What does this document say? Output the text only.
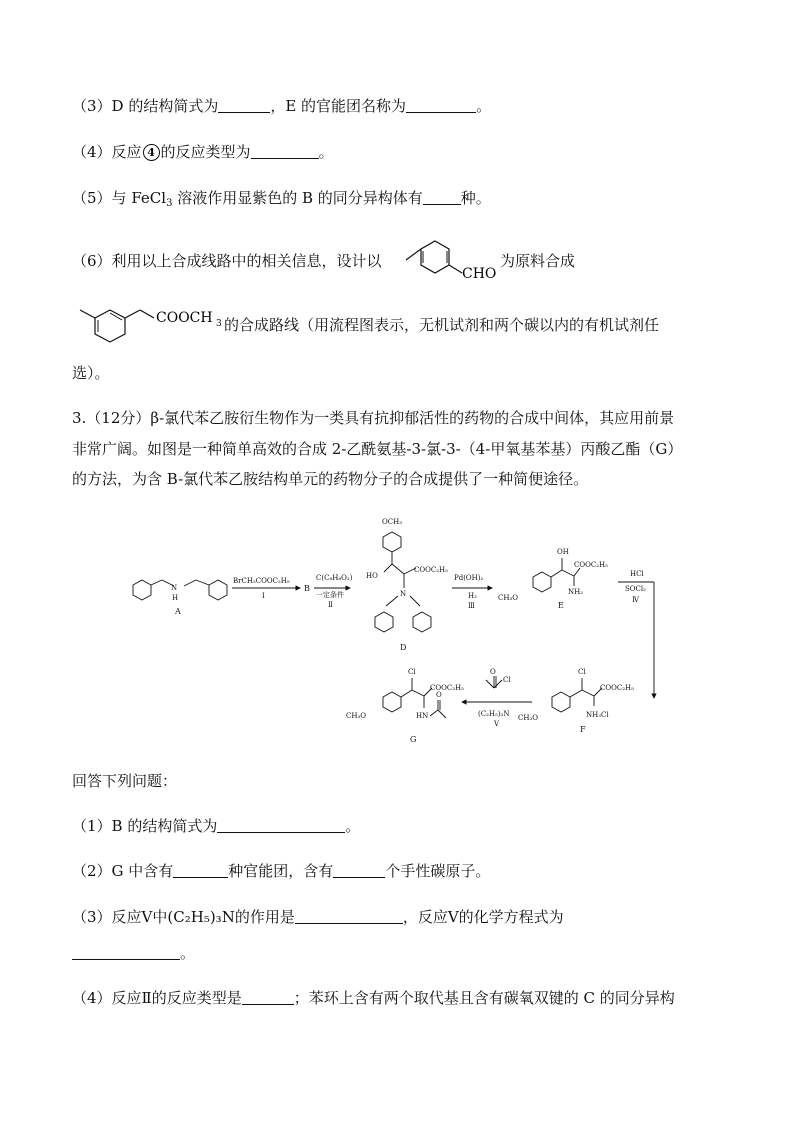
（3）D 的结构简式为	，E 的官能团名称为	。
（4）反应 4 的反应类型为	。
（5）与 FeCl$_3$ 溶液作用显紫色的 B 的同分异构体有	种。
（6）利用以上合成线路中的相关信息，设计以
CHO
为原料合成
COOCH 3 的合成路线（用流程图表示，无机试剂和两个碳以内的有机试剂任
选）。
3.（12分）β-氯代苯乙胺衍生物作为一类具有抗抑郁活性的药物的合成中间体，其应用前景
非常广阔。如图是一种简单高效的合成 2-乙酰氨基-3-氯-3-（4-甲氧基苯基）丙酸乙酯（G）
的方法，为含 B-氯代苯乙胺结构单元的药物分子的合成提供了一种简便途径。
N
H
A
BrCH₂COOC₂H₅
Ⅰ
B
C(C₈H₈O₂)
一定条件
Ⅱ
OCH₃
HO
COOC₂H₅
N
D
Pd(OH)₂
H₂
Ⅲ
CH₃O
OH
COOC₂H₅
NH₂
E
HCl
SOCl₂
Ⅳ
Cl
COOC₂H₅
CH₃O	NH₃Cl
F
O
Cl
(C₂H₅)₃N
Ⅴ
Cl
COOC₂H₅
CH₃O	HN
O
G
回答下列问题：
（1）B 的结构简式为	。
（2）G 中含有	种官能团，含有	个手性碳原子。
（3）反应Ⅴ中(C₂H₅)₃N的作用是	，反应Ⅴ的化学方程式为
。
（4）反应Ⅱ的反应类型是	；苯环上含有两个取代基且含有碳氧双键的 C 的同分异构
